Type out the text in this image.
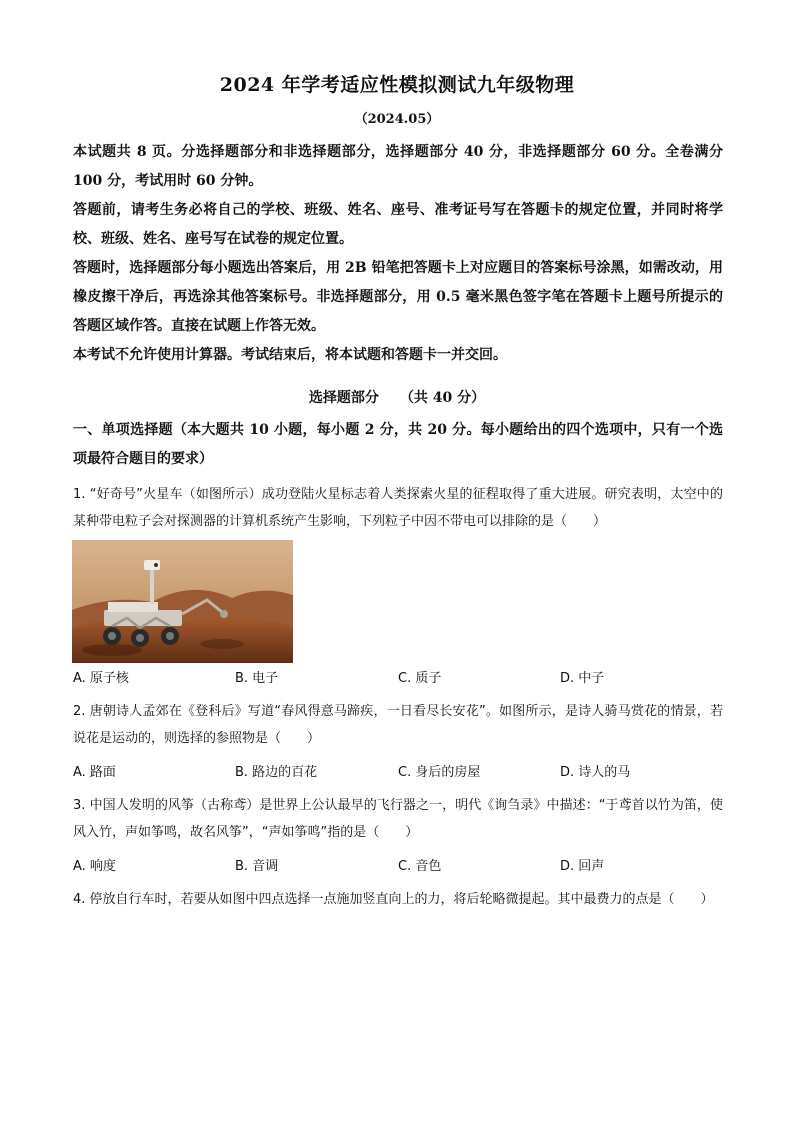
2024 年学考适应性模拟测试九年级物理
（2024.05）

本试题共 8 页。分选择题部分和非选择题部分，选择题部分 40 分，非选择题部分 60 分。全卷满分 100 分，考试用时 60 分钟。

答题前，请考生务必将自己的学校、班级、姓名、座号、准考证号写在答题卡的规定位置，并同时将学校、班级、姓名、座号写在试卷的规定位置。

答题时，选择题部分每小题选出答案后，用 2B 铅笔把答题卡上对应题目的答案标号涂黑，如需改动，用橡皮擦干净后，再选涂其他答案标号。非选择题部分，用 0.5 毫米黑色签字笔在答题卡上题号所提示的答题区域作答。直接在试题上作答无效。

本考试不允许使用计算器。考试结束后，将本试题和答题卡一并交回。

选择题部分　　（共 40 分）
一、单项选择题（本大题共 10 小题，每小题 2 分，共 20 分。每小题给出的四个选项中，只有一个选项最符合题目的要求）
1. “好奇号”火星车（如图所示）成功登陆火星标志着人类探索火星的征程取得了重大进展。研究表明，太空中的某种带电粒子会对探测器的计算机系统产生影响，下列粒子中因不带电可以排除的是（　　）
A. 原子核	B. 电子	C. 质子	D. 中子
2. 唐朝诗人孟郊在《登科后》写道“春风得意马蹄疾，一日看尽长安花”。如图所示，是诗人骑马赏花的情景，若说花是运动的，则选择的参照物是（　　）
A. 路面	B. 路边的百花	C. 身后的房屋	D. 诗人的马
3. 中国人发明的风筝（古称鸢）是世界上公认最早的飞行器之一，明代《询刍录》中描述：“于鸢首以竹为笛，使风入竹，声如筝鸣，故名风筝”，“声如筝鸣”指的是（　　）
A. 响度	B. 音调	C. 音色	D. 回声
4. 停放自行车时，若要从如图中四点选择一点施加竖直向上的力，将后轮略微提起。其中最费力的点是（　　）
